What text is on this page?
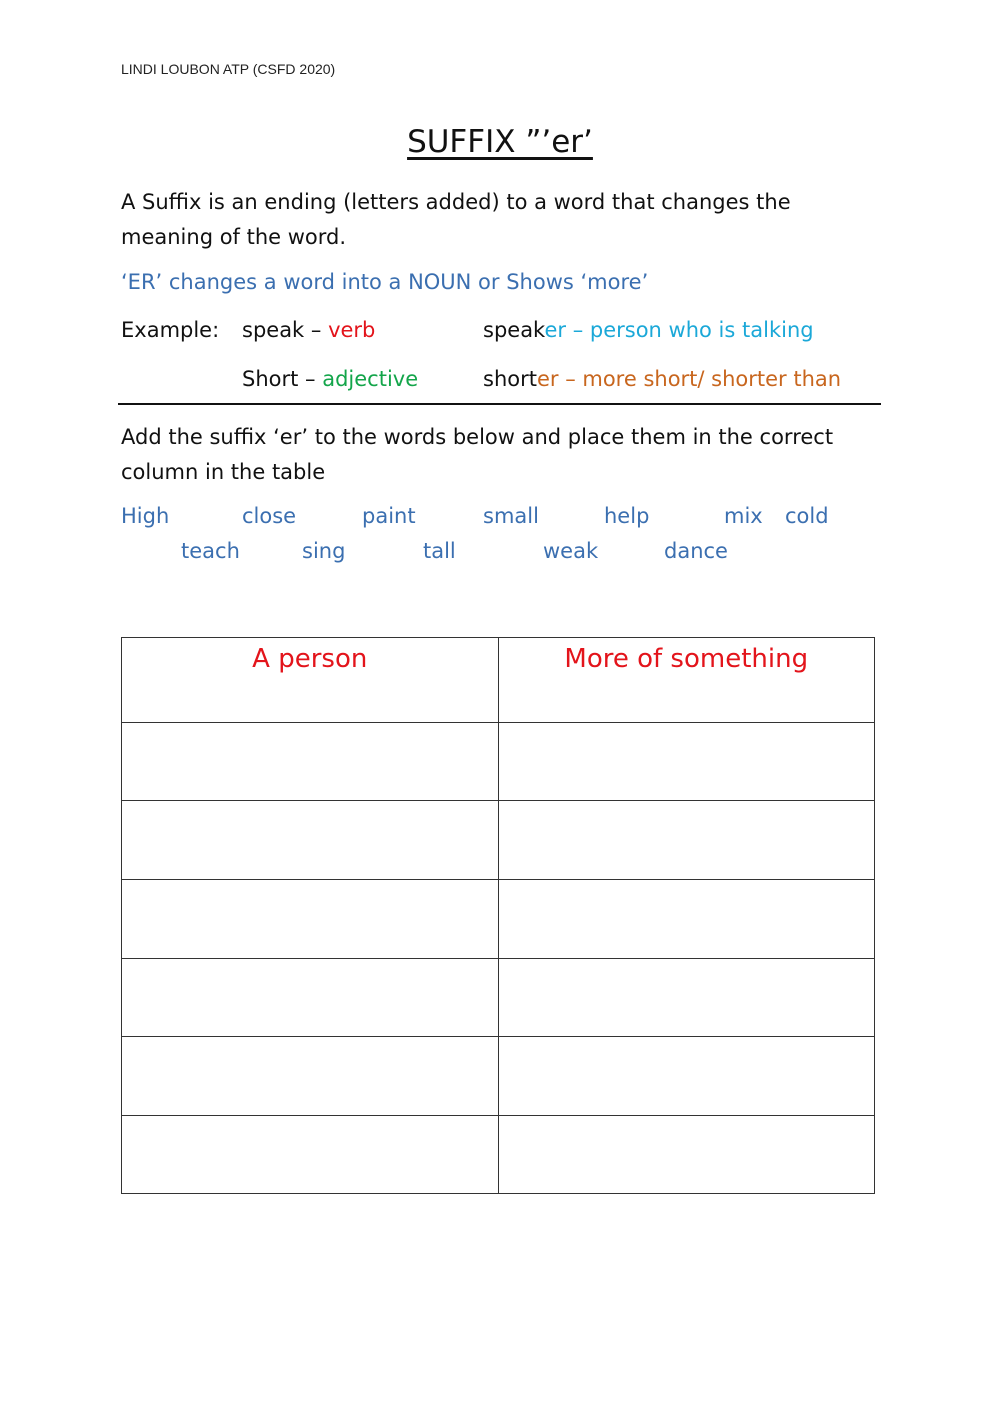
LINDI LOUBON ATP (CSFD 2020)
SUFFIX ”’er’
A Suffix is an ending (letters added) to a word that changes the meaning of the word.
‘ER’ changes a word into a NOUN or Shows ‘more’
Example: speak – verb	speaker – person who is talking
Short – adjective	shorter – more short/ shorter than
Add the suffix ‘er’ to the words below and place them in the correct column in the table
High	close	paint	small	help	mix cold
teach	sing	tall	weak	dance
A person	More of something
